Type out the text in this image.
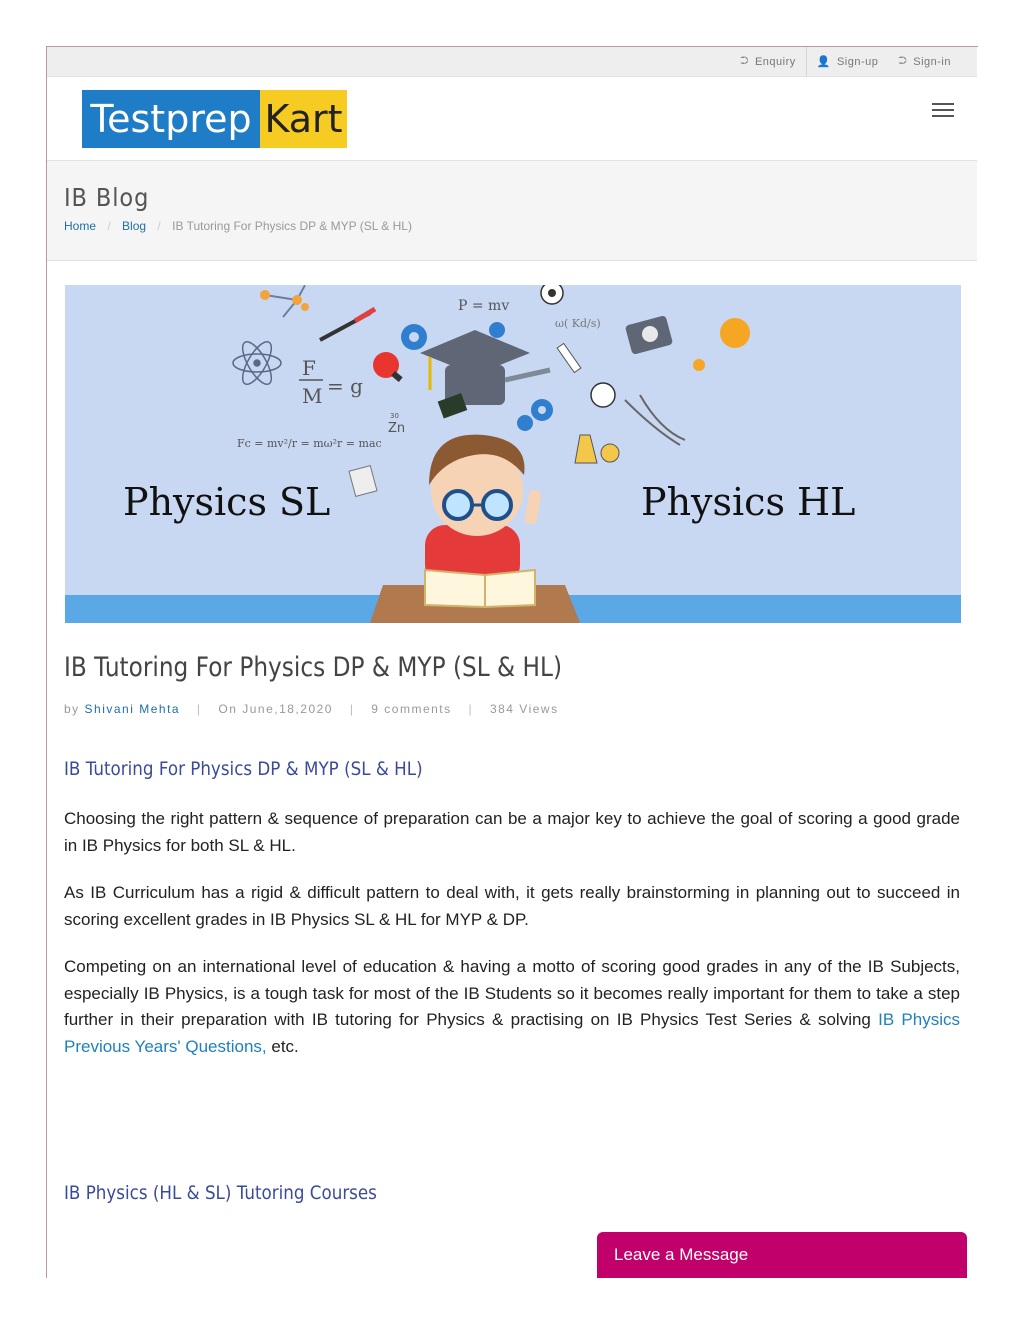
⮊ Enquiry 👤 Sign-up ⮊ Sign-in
Testprep Kart
IB Blog
Home / Blog / IB Tutoring For Physics DP & MYP (SL & HL)
F
M = g
Fc = mv²/r = mω²r = mac
P = mv
ω( Kd/s)
30
Zn
Physics SL	Physics HL
IB Tutoring For Physics DP & MYP (SL & HL)
by Shivani Mehta | On June,18,2020 | 9 comments | 384 Views
IB Tutoring For Physics DP & MYP (SL & HL)

Choosing the right pattern & sequence of preparation can be a major key to achieve the goal of scoring a good grade in IB Physics for both SL & HL.

As IB Curriculum has a rigid & difficult pattern to deal with, it gets really brainstorming in planning out to succeed in scoring excellent grades in IB Physics SL & HL for MYP & DP.

Competing on an international level of education & having a motto of scoring good grades in any of the IB Subjects, especially IB Physics, is a tough task for most of the IB Students so it becomes really important for them to take a step further in their preparation with IB tutoring for Physics & practising on IB Physics Test Series & solving IB Physics Previous Years' Questions, etc.

IB Physics (HL & SL) Tutoring Courses
Leave a Message
